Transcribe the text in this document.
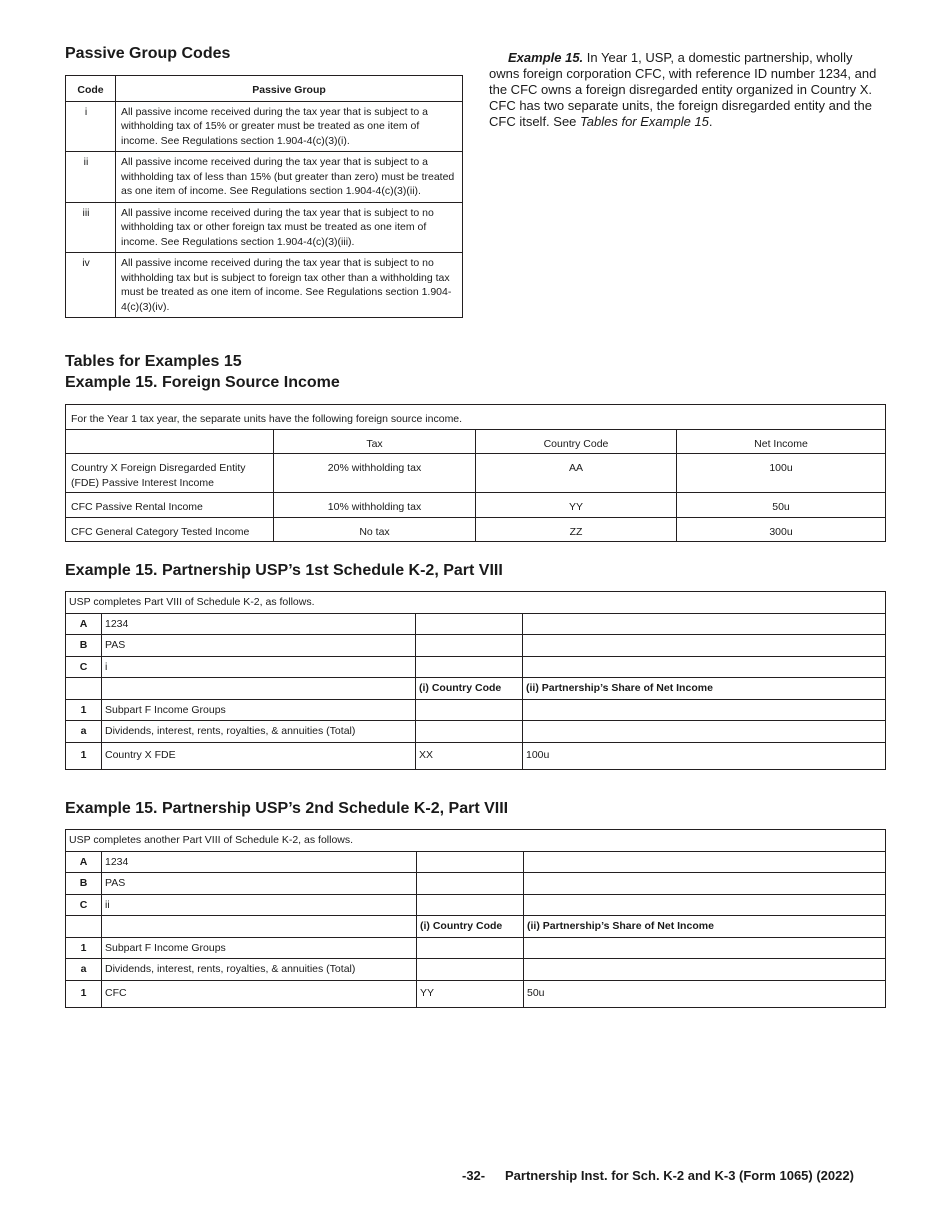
Passive Group Codes
Code	Passive Group
i	All passive income received during the tax year that is subject to a withholding tax of 15% or greater must be treated as one item of income. See Regulations section 1.904-4(c)(3)(i).
ii	All passive income received during the tax year that is subject to a withholding tax of less than 15% (but greater than zero) must be treated as one item of income. See Regulations section 1.904-4(c)(3)(ii).
iii	All passive income received during the tax year that is subject to no withholding tax or other foreign tax must be treated as one item of income. See Regulations section 1.904-4(c)(3)(iii).
iv	All passive income received during the tax year that is subject to no withholding tax but is subject to foreign tax other than a withholding tax must be treated as one item of income. See Regulations section 1.904-4(c)(3)(iv).
Example 15. In Year 1, USP, a domestic partnership, wholly owns foreign corporation CFC, with reference ID number 1234, and the CFC owns a foreign disregarded entity organized in Country X. CFC has two separate units, the foreign disregarded entity and the CFC itself. See Tables for Example 15.
Tables for Examples 15
Example 15. Foreign Source Income
For the Year 1 tax year, the separate units have the following foreign source income.			
	Tax	Country Code	Net Income
Country X Foreign Disregarded Entity (FDE) Passive Interest Income	20% withholding tax	AA	100u
CFC Passive Rental Income	10% withholding tax	YY	50u
CFC General Category Tested Income	No tax	ZZ	300u
Example 15. Partnership USP’s 1st Schedule K-2, Part VIII
USP completes Part VIII of Schedule K-2, as follows.			
A	1234		
B	PAS		
C	i		
		(i) Country Code	(ii) Partnership’s Share of Net Income
1	Subpart F Income Groups		
a	Dividends, interest, rents, royalties, & annuities (Total)		
1	Country X FDE	XX	100u
Example 15. Partnership USP’s 2nd Schedule K-2, Part VIII
USP completes another Part VIII of Schedule K-2, as follows.			
A	1234		
B	PAS		
C	ii		
		(i) Country Code	(ii) Partnership’s Share of Net Income
1	Subpart F Income Groups		
a	Dividends, interest, rents, royalties, & annuities (Total)		
1	CFC	YY	50u
-32- Partnership Inst. for Sch. K-2 and K-3 (Form 1065) (2022)
